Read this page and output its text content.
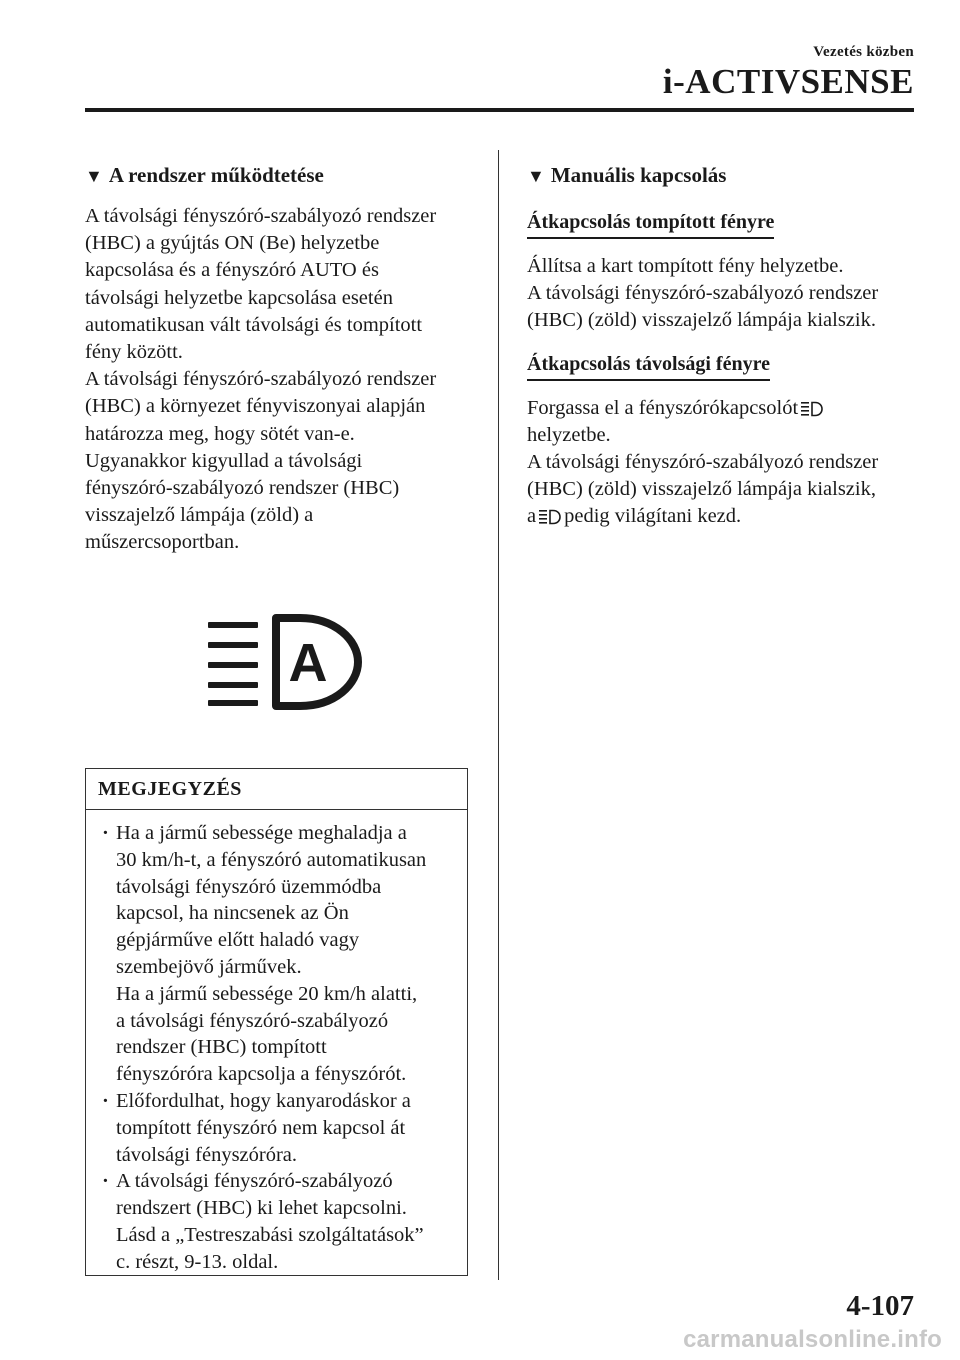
Vezetés közben
i-ACTIVSENSE
▼ A rendszer működtetése
A távolsági fényszóró-szabályozó rendszer
(HBC) a gyújtás ON (Be) helyzetbe
kapcsolása és a fényszóró AUTO és
távolsági helyzetbe kapcsolása esetén
automatikusan vált távolsági és tompított
fény között.
A távolsági fényszóró-szabályozó rendszer
(HBC) a környezet fényviszonyai alapján
határozza meg, hogy sötét van-e.
Ugyanakkor kigyullad a távolsági
fényszóró-szabályozó rendszer (HBC)
visszajelző lámpája (zöld) a
műszercsoportban.
A
MEGJEGYZÉS
· Ha a jármű sebessége meghaladja a
30 km/h-t, a fényszóró automatikusan
távolsági fényszóró üzemmódba
kapcsol, ha nincsenek az Ön
gépjárműve előtt haladó vagy
szembejövő járművek.
Ha a jármű sebessége 20 km/h alatti,
a távolsági fényszóró-szabályozó
rendszer (HBC) tompított
fényszóróra kapcsolja a fényszórót.
· Előfordulhat, hogy kanyarodáskor a
tompított fényszóró nem kapcsol át
távolsági fényszóróra.
· A távolsági fényszóró-szabályozó
rendszert (HBC) ki lehet kapcsolni.
Lásd a „Testreszabási szolgáltatások”
c. részt, 9-13. oldal.
▼ Manuális kapcsolás
Átkapcsolás tompított fényre
Állítsa a kart tompított fény helyzetbe.
A távolsági fényszóró-szabályozó rendszer
(HBC) (zöld) visszajelző lámpája kialszik.
Átkapcsolás távolsági fényre
Forgassa el a fényszórókapcsolót
helyzetbe.
A távolsági fényszóró-szabályozó rendszer
(HBC) (zöld) visszajelző lámpája kialszik,
a pedig világítani kezd.
4-107
carmanualsonline.info
